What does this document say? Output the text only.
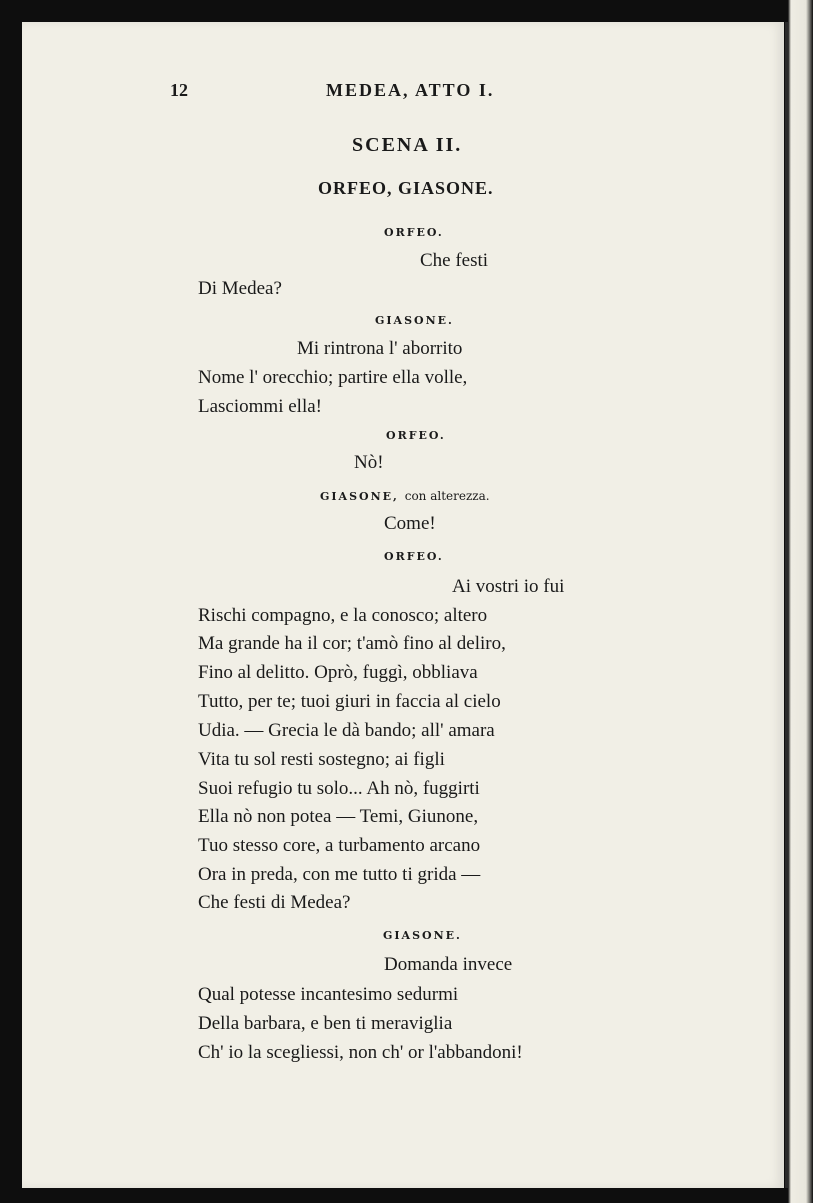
12	MEDEA, ATTO I.
SCENA II.
ORFEO, GIASONE.
ORFEO.
Che festi
Di Medea?
GIASONE.
Mi rintrona l' aborrito
Nome l' orecchio; partire ella volle,
Lasciommi ella!
ORFEO.
Nò!
GIASONE, con alterezza.
Come!
ORFEO.
Ai vostri io fui
Rischi compagno, e la conosco; altero
Ma grande ha il cor; t'amò fino al deliro,
Fino al delitto. Oprò, fuggì, obbliava
Tutto, per te; tuoi giuri in faccia al cielo
Udia. — Grecia le dà bando; all' amara
Vita tu sol resti sostegno; ai figli
Suoi refugio tu solo... Ah nò, fuggirti
Ella nò non potea — Temi, Giunone,
Tuo stesso core, a turbamento arcano
Ora in preda, con me tutto ti grida —
Che festi di Medea?
GIASONE.
Domanda invece
Qual potesse incantesimo sedurmi
Della barbara, e ben ti meraviglia
Ch' io la scegliessi, non ch' or l'abbandoni!
